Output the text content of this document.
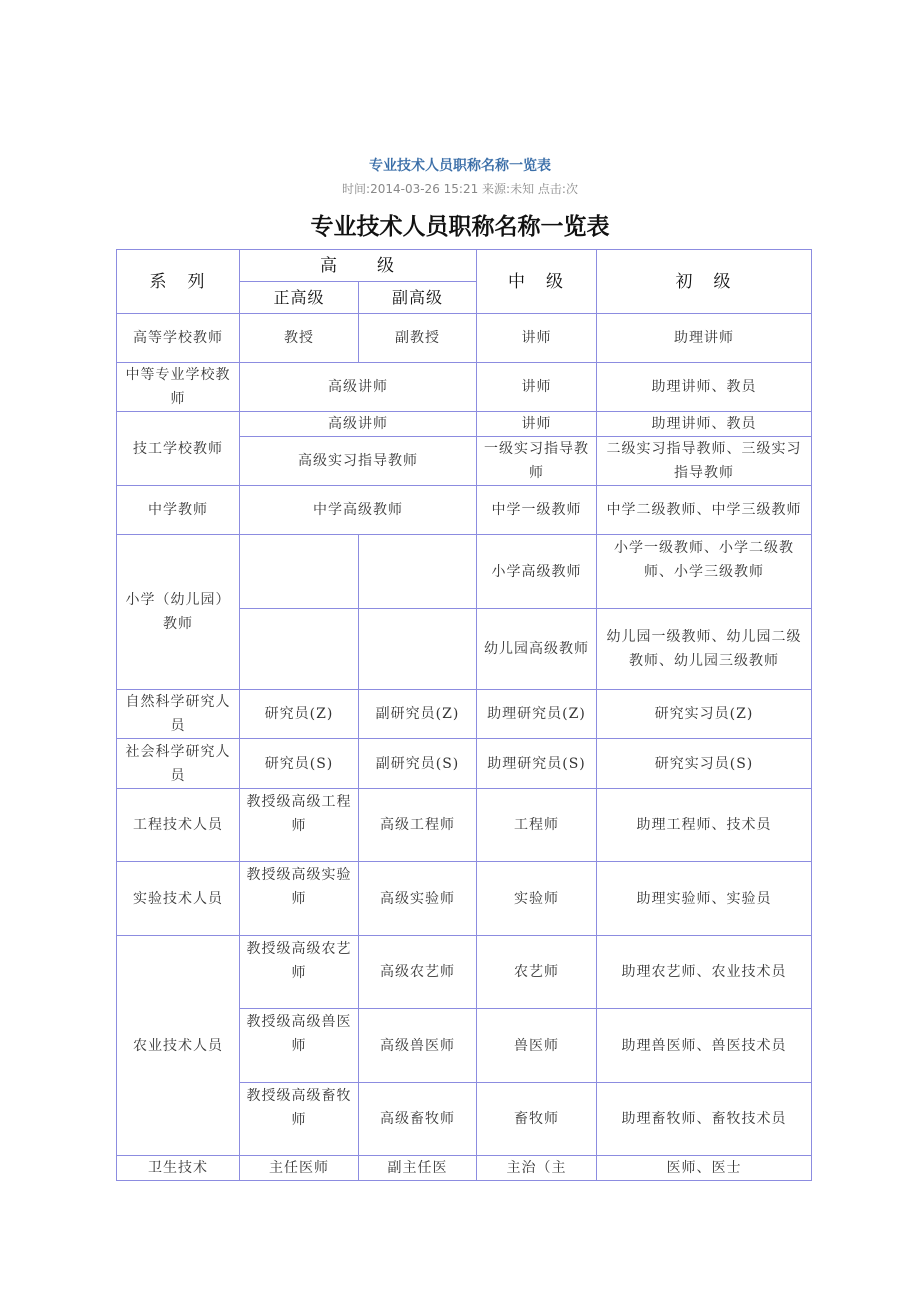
专业技术人员职称名称一览表
时间:2014-03-26 15:21 来源:未知 点击:次
专业技术人员职称名称一览表
系　列	高　　级		中　级	初　级
	正高级	副高级		
高等学校教师	教授	副教授	讲师	助理讲师
中等专业学校教师	高级讲师		讲师	助理讲师、教员
技工学校教师	高级讲师		讲师	助理讲师、教员
	高级实习指导教师		一级实习指导教师	二级实习指导教师、三级实习指导教师
中学教师	中学高级教师		中学一级教师	中学二级教师、中学三级教师
小学（幼儿园）教师			小学高级教师	小学一级教师、小学二级教师、小学三级教师
			幼儿园高级教师	幼儿园一级教师、幼儿园二级教师、幼儿园三级教师
自然科学研究人员	研究员(Z)	副研究员(Z)	助理研究员(Z)	研究实习员(Z)
社会科学研究人员	研究员(S)	副研究员(S)	助理研究员(S)	研究实习员(S)
工程技术人员	教授级高级工程师	高级工程师	工程师	助理工程师、技术员
实验技术人员	教授级高级实验师	高级实验师	实验师	助理实验师、实验员
农业技术人员	教授级高级农艺师	高级农艺师	农艺师	助理农艺师、农业技术员
	教授级高级兽医师	高级兽医师	兽医师	助理兽医师、兽医技术员
	教授级高级畜牧师	高级畜牧师	畜牧师	助理畜牧师、畜牧技术员
卫生技术	主任医师	副主任医	主治（主	医师、医士
